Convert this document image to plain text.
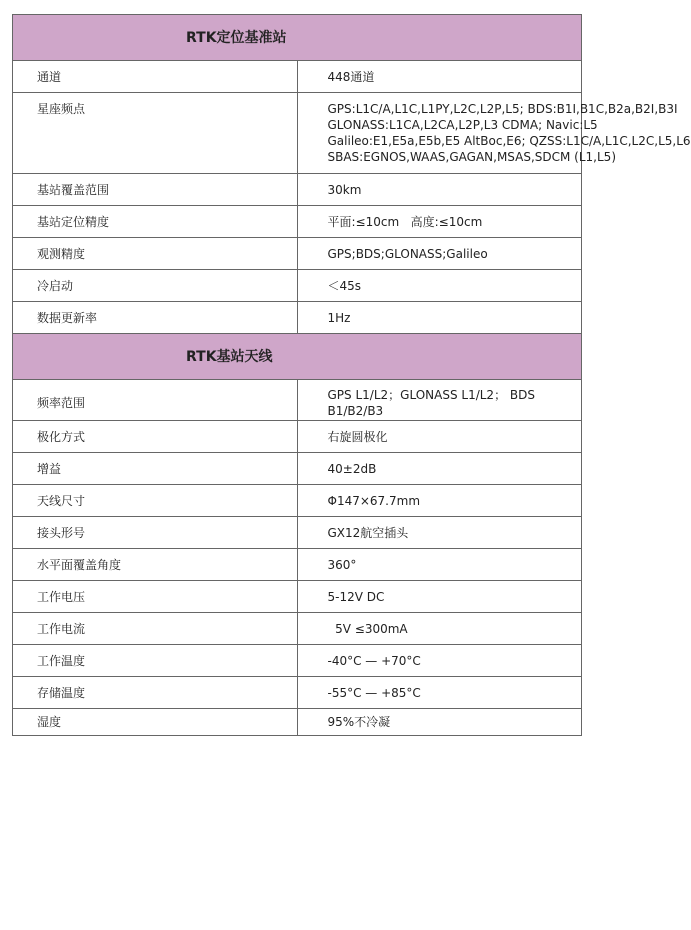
RTK定位基准站	
通道	448通道
星座频点	GPS:L1C/A,L1C,L1PY,L2C,L2P,L5; BDS:B1I,B1C,B2a,B2I,B3I
GLONASS:L1CA,L2CA,L2P,L3 CDMA; Navic:L5
Galileo:E1,E5a,E5b,E5 AltBoc,E6; QZSS:L1C/A,L1C,L2C,L5,L6
SBAS:EGNOS,WAAS,GAGAN,MSAS,SDCM (L1,L5)

基站覆盖范围	30km
基站定位精度	平面:≤10cm   高度:≤10cm
观测精度	GPS;BDS;GLONASS;Galileo
冷启动	＜45s
数据更新率	1Hz
RTK基站天线	
频率范围	GPS L1/L2；GLONASS L1/L2； BDS B1/B2/B3
极化方式	右旋圆极化
增益	40±2dB
天线尺寸	Φ147×67.7mm
接头形号	GX12航空插头
水平面覆盖角度	360°
工作电压	5-12V DC
工作电流	5V ≤300mA
工作温度	-40°C — +70°C
存储温度	-55°C — +85°C
湿度	95%不冷凝
